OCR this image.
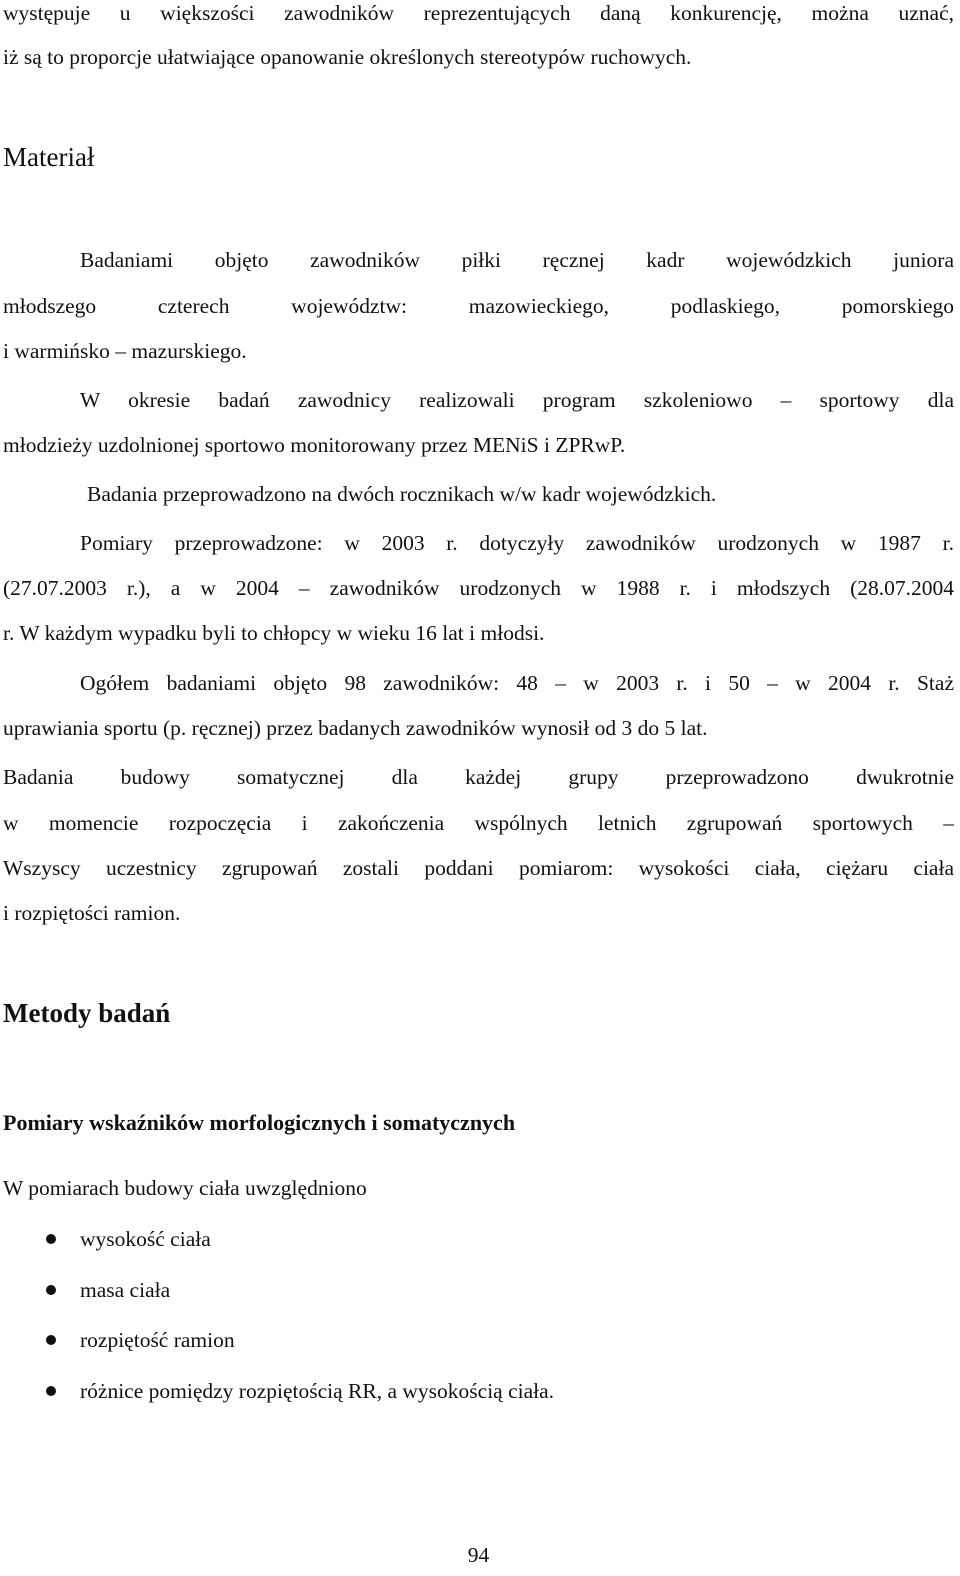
występuje u większości zawodników reprezentujących daną konkurencję, można uznać,
iż są to proporcje ułatwiające opanowanie określonych stereotypów ruchowych.
Materiał
Badaniami objęto zawodników piłki ręcznej kadr wojewódzkich juniora
młodszego czterech województw: mazowieckiego, podlaskiego, pomorskiego
i warmińsko – mazurskiego.
W okresie badań zawodnicy realizowali program szkoleniowo – sportowy dla
młodzieży uzdolnionej sportowo monitorowany przez MENiS i ZPRwP.
Badania przeprowadzono na dwóch rocznikach w/w kadr wojewódzkich.
Pomiary przeprowadzone: w 2003 r. dotyczyły zawodników urodzonych w 1987 r.
(27.07.2003 r.), a w 2004 – zawodników urodzonych w 1988 r. i młodszych (28.07.2004
r. W każdym wypadku byli to chłopcy w wieku 16 lat i młodsi.
Ogółem badaniami objęto 98 zawodników: 48 – w 2003 r. i 50 – w 2004 r. Staż
uprawiania sportu (p. ręcznej) przez badanych zawodników wynosił od 3 do 5 lat.
Badania budowy somatycznej dla każdej grupy przeprowadzono dwukrotnie
w momencie rozpoczęcia i zakończenia wspólnych letnich zgrupowań sportowych –
Wszyscy uczestnicy zgrupowań zostali poddani pomiarom: wysokości ciała, ciężaru ciała
i rozpiętości ramion.
Metody badań
Pomiary wskaźników morfologicznych i somatycznych
W pomiarach budowy ciała uwzględniono
wysokość ciała
masa ciała
rozpiętość ramion
różnice pomiędzy rozpiętością RR, a wysokością ciała.
94
